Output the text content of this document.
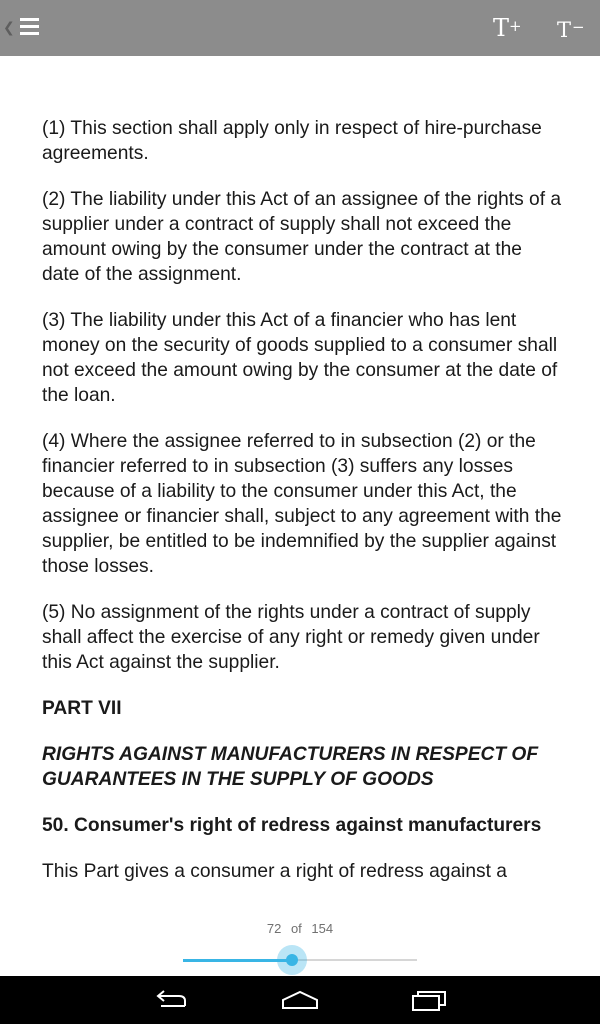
❮	T + T −

(1) This section shall apply only in respect of hire-purchase agreements.

(2) The liability under this Act of an assignee of the rights of a supplier under a contract of supply shall not exceed the amount owing by the consumer under the contract at the date of the assignment.

(3) The liability under this Act of a financier who has lent money on the security of goods supplied to a consumer shall not exceed the amount owing by the consumer at the date of the loan.

(4) Where the assignee referred to in subsection (2) or the financier referred to in subsection (3) suffers any losses because of a liability to the consumer under this Act, the assignee or financier shall, subject to any agreement with the supplier, be entitled to be indemnified by the supplier against those losses.

(5) No assignment of the rights under a contract of supply shall affect the exercise of any right or remedy given under this Act against the supplier.

PART VII

RIGHTS AGAINST MANUFACTURERS IN RESPECT OF GUARANTEES IN THE SUPPLY OF GOODS

50. Consumer's right of redress against manufacturers

This Part gives a consumer a right of redress against a

72 of 154
